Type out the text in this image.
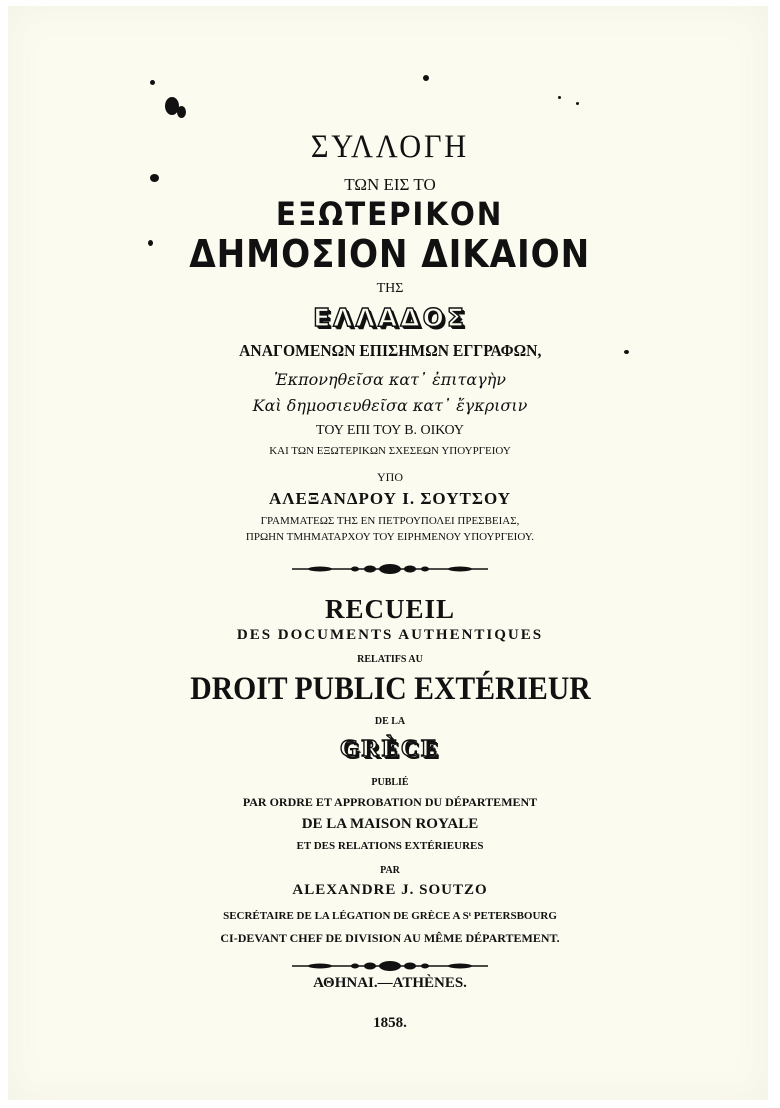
ΣΥΛΛΟΓΗ
ΤΩΝ ΕΙΣ ΤΟ
ΕΞΩΤΕΡΙΚΟΝ
ΔΗΜΟΣΙΟΝ ΔΙΚΑΙΟΝ
ΤΗΣ
ΕΛΛΑΔΟΣ
ΑΝΑΓΟΜΕΝΩΝ ΕΠΙΣΗΜΩΝ ΕΓΓΡΑΦΩΝ,
Ἐκπονηθεῖσα κατ᾽ ἐπιταγὴν
Καὶ δημοσιευθεῖσα κατ᾽ ἔγκρισιν
ΤΟΥ ΕΠΙ ΤΟΥ Β. ΟΙΚΟΥ
ΚΑΙ ΤΩΝ ΕΞΩΤΕΡΙΚΩΝ ΣΧΕΣΕΩΝ ΥΠΟΥΡΓΕΙΟΥ
ΥΠΟ
ΑΛΕΞΑΝΔΡΟΥ Ι. ΣΟΥΤΣΟΥ
ΓΡΑΜΜΑΤΕΩΣ ΤΗΣ ΕΝ ΠΕΤΡΟΥΠΟΛΕΙ ΠΡΕΣΒΕΙΑΣ,
ΠΡΩΗΝ ΤΜΗΜΑΤΑΡΧΟΥ ΤΟΥ ΕΙΡΗΜΕΝΟΥ ΥΠΟΥΡΓΕΙΟΥ.
RECUEIL
DES DOCUMENTS AUTHENTIQUES
RELATIFS AU
DROIT PUBLIC EXTÉRIEUR
DE LA
GRÈCE
PUBLIÉ
PAR ORDRE ET APPROBATION DU DÉPARTEMENT
DE LA MAISON ROYALE
ET DES RELATIONS EXTÉRIEURES
PAR
ALEXANDRE J. SOUTZO
SECRÉTAIRE DE LA LÉGATION DE GRÈCE A Sᵗ PETERSBOURG
CI-DEVANT CHEF DE DIVISION AU MÊME DÉPARTEMENT.
ΑΘΗΝΑΙ.—ATHÈNES.
1858.
